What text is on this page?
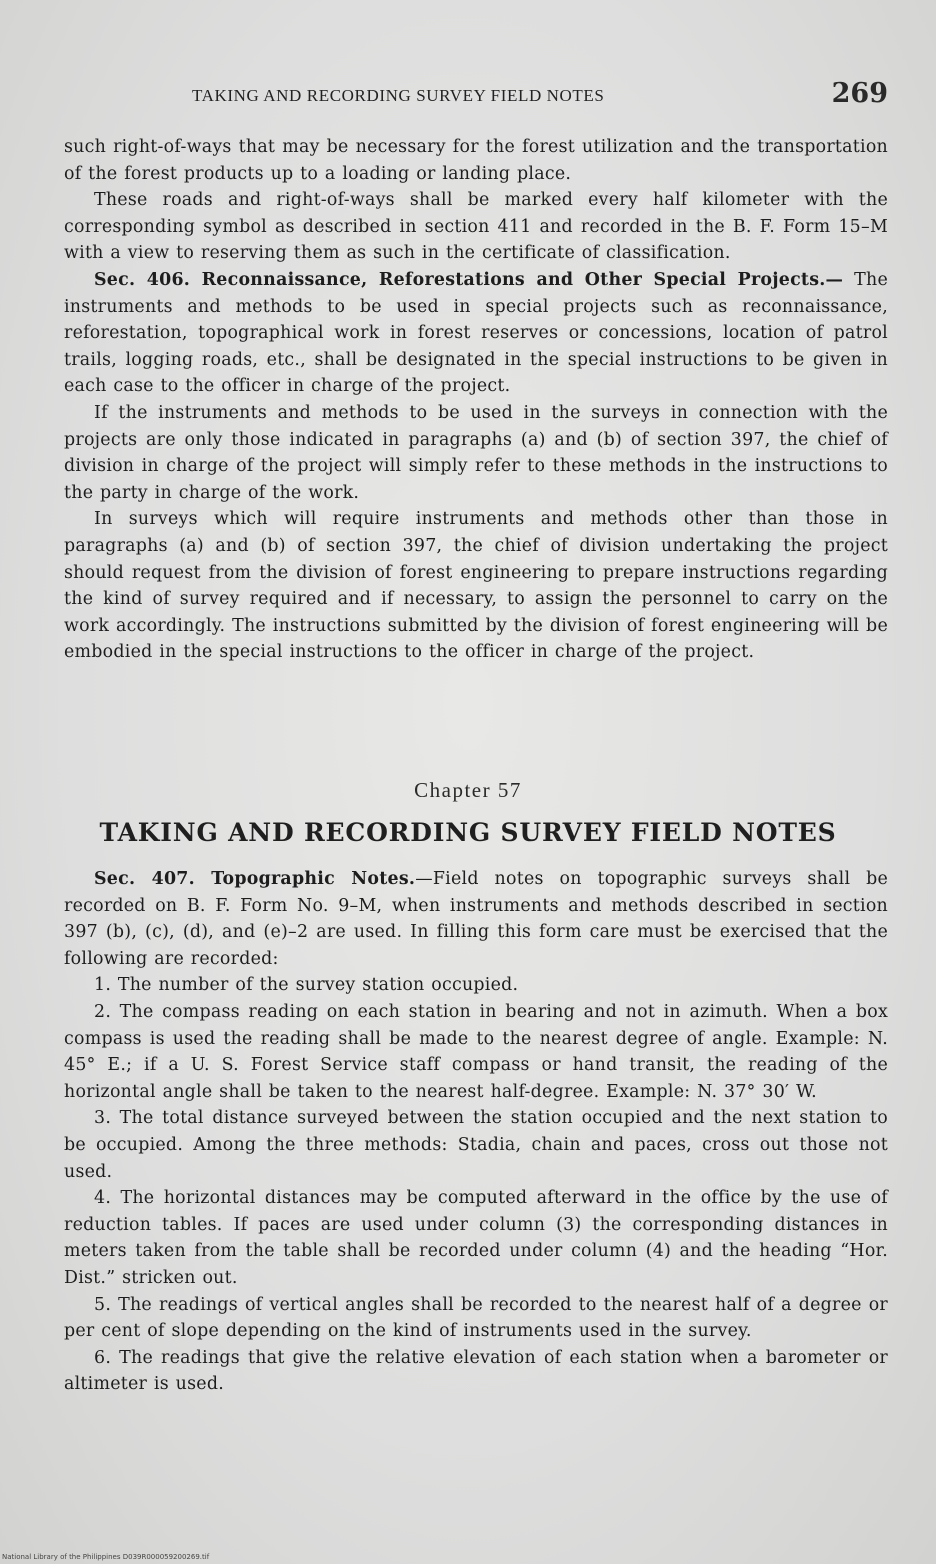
TAKING AND RECORDING SURVEY FIELD NOTES	269

such right-of-ways that may be necessary for the forest utilization and the transportation of the forest products up to a loading or landing place.

These roads and right-of-ways shall be marked every half kilometer with the corresponding symbol as described in section 411 and recorded in the B. F. Form 15–M with a view to reserving them as such in the certificate of classification.

Sec. 406. Reconnaissance, Reforestations and Other Special Projects.— The instruments and methods to be used in special projects such as reconnaissance, reforestation, topographical work in forest reserves or concessions, location of patrol trails, logging roads, etc., shall be designated in the special instructions to be given in each case to the officer in charge of the project.

If the instruments and methods to be used in the surveys in connection with the projects are only those indicated in paragraphs (a) and (b) of section 397, the chief of division in charge of the project will simply refer to these methods in the instructions to the party in charge of the work.

In surveys which will require instruments and methods other than those in paragraphs (a) and (b) of section 397, the chief of division undertaking the project should request from the division of forest engineering to prepare instructions regarding the kind of survey required and if necessary, to assign the personnel to carry on the work accordingly. The instructions submitted by the division of forest engineering will be embodied in the special instructions to the officer in charge of the project.

Chapter 57
TAKING AND RECORDING SURVEY FIELD NOTES

Sec. 407. Topographic Notes.—Field notes on topographic surveys shall be recorded on B. F. Form No. 9–M, when instruments and methods described in section 397 (b), (c), (d), and (e)–2 are used. In filling this form care must be exercised that the following are recorded:

1. The number of the survey station occupied.

2. The compass reading on each station in bearing and not in azimuth. When a box compass is used the reading shall be made to the nearest degree of angle. Example: N. 45° E.; if a U. S. Forest Service staff compass or hand transit, the reading of the horizontal angle shall be taken to the nearest half-degree. Example: N. 37° 30′ W.

3. The total distance surveyed between the station occupied and the next station to be occupied. Among the three methods: Stadia, chain and paces, cross out those not used.

4. The horizontal distances may be computed afterward in the office by the use of reduction tables. If paces are used under column (3) the corresponding distances in meters taken from the table shall be recorded under column (4) and the heading “Hor. Dist.” stricken out.

5. The readings of vertical angles shall be recorded to the nearest half of a degree or per cent of slope depending on the kind of instruments used in the survey.

6. The readings that give the relative elevation of each station when a barometer or altimeter is used.

National Library of the Philippines D039R000059200269.tif
